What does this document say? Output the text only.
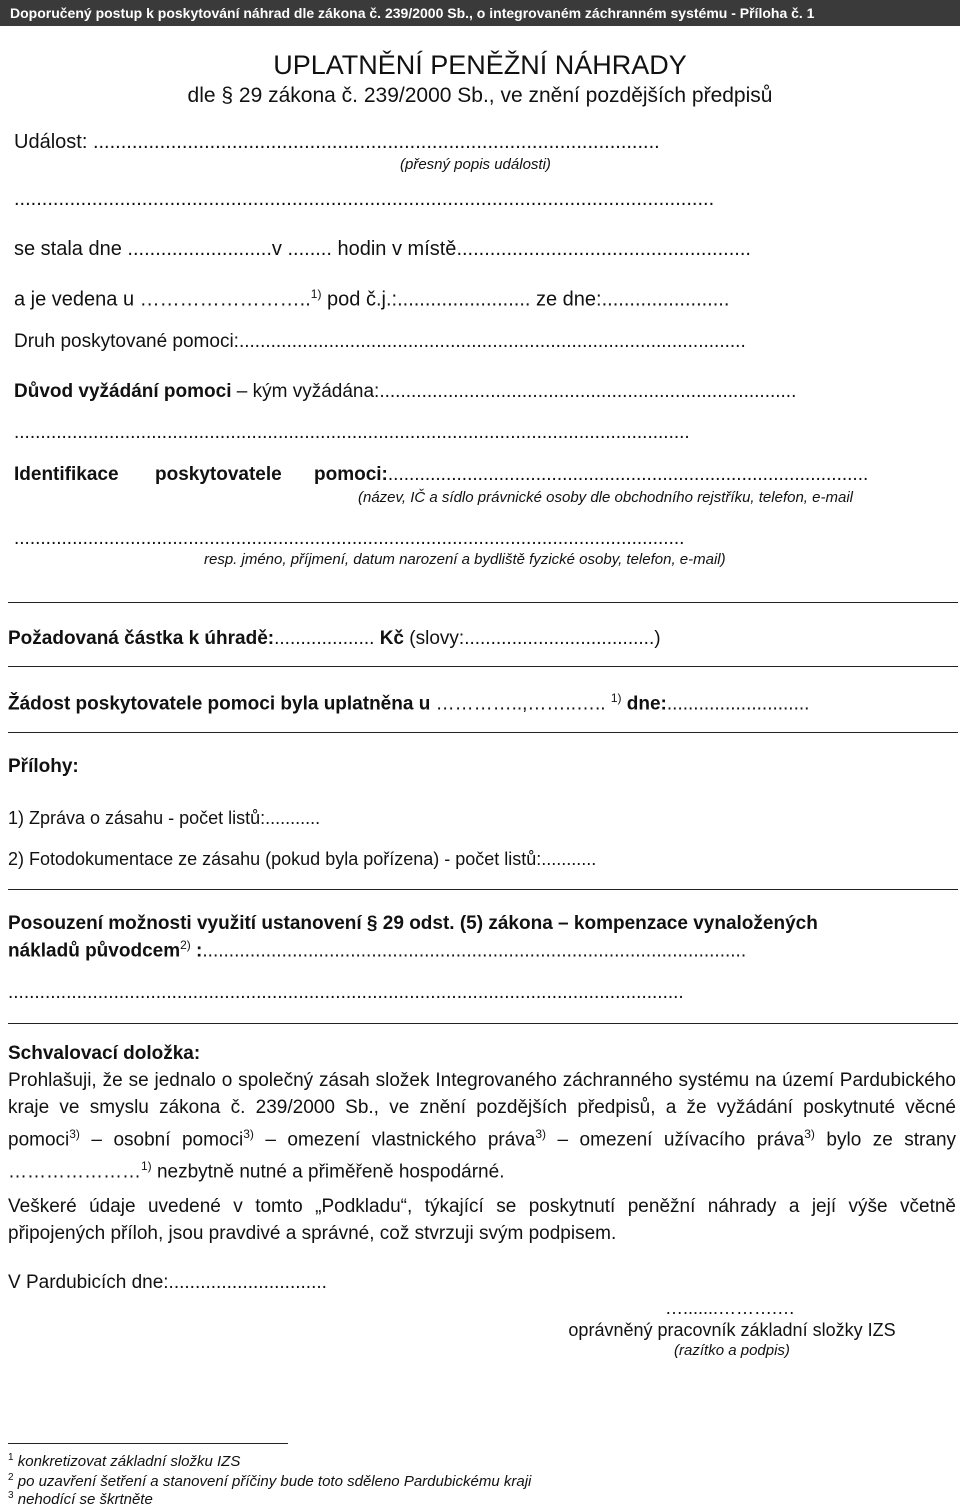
Doporučený postup k poskytování náhrad dle zákona č. 239/2000 Sb., o integrovaném záchranném systému - Příloha č. 1
UPLATNĚNÍ PENĚŽNÍ NÁHRADY
dle § 29 zákona č. 239/2000 Sb., ve znění pozdějších předpisů
Událost: ......................................................................................................
(přesný popis události)
..............................................................................................................................
se stala dne ..........................v ........ hodin v místě.....................................................
a je vedena u ……………………..$^{1)}$ pod č.j.:........................ ze dne:.......................
Druh poskytované pomoci:................................................................................................
Důvod vyžádání pomoci – kým vyžádána:...............................................................................
................................................................................................................................
Identifikace poskytovatele pomoci:...........................................................................................
(název, IČ a sídlo právnické osoby dle obchodního rejstříku, telefon, e-mail
...............................................................................................................................
resp. jméno, příjmení, datum narození a bydliště fyzické osoby, telefon, e-mail)
Požadovaná částka k úhradě:................... Kč (slovy:....................................)
Žádost poskytovatele pomoci byla uplatněna u …………..,……..….. $^{1)}$ dne:...........................
Přílohy:
1) Zpráva o zásahu - počet listů:...........
2) Fotodokumentace ze zásahu (pokud byla pořízena) - počet listů:...........
Posouzení možnosti využití ustanovení § 29 odst. (5) zákona – kompenzace vynaložených
nákladů původcem$^{2)}$ :.......................................................................................................
................................................................................................................................
Schvalovací doložka:
Prohlašuji, že se jednalo o společný zásah složek Integrovaného záchranného systému na území Pardubického kraje ve smyslu zákona č. 239/2000 Sb., ve znění pozdějších předpisů, a že vyžádání poskytnuté věcné pomoci$^{3)}$ – osobní pomoci$^{3)}$ – omezení vlastnického práva$^{3)}$ – omezení užívacího práva$^{3)}$ bylo ze strany …………………$^{1)}$ nezbytně nutné a přiměřeně hospodárné.
Veškeré údaje uvedené v tomto „Podkladu“, týkající se poskytnutí peněžní náhrady a její výše včetně připojených příloh, jsou pravdivé a správné, což stvrzuji svým podpisem.
V Pardubicích dne:..............................
….......……….…
oprávněný pracovník základní složky IZS
(razítko a podpis)
$^1$ konkretizovat základní složku IZS
$^2$ po uzavření šetření a stanovení příčiny bude toto sděleno Pardubickému kraji
$^3$ nehodící se škrtněte
